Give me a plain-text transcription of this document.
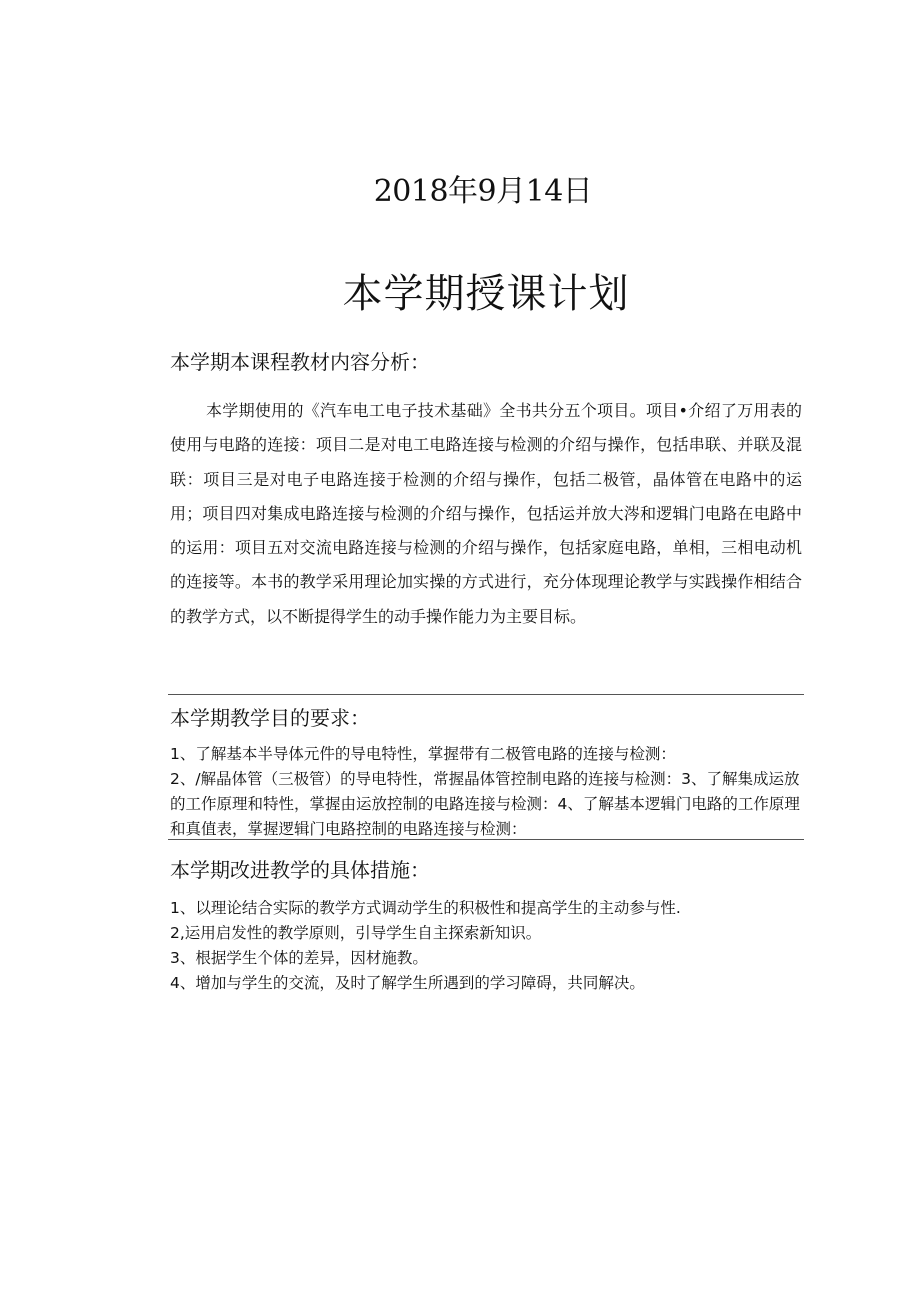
2018年9月14日
本学期授课计划
本学期本课程教材内容分析：

本学期使用的《汽车电工电子技术基础》全书共分五个项目。项目•介绍了万用表的使用与电路的连接：项目二是对电工电路连接与检测的介绍与操作，包括串联、并联及混联：项目三是对电子电路连接于检测的介绍与操作，包括二极管，晶体管在电路中的运用；项目四对集成电路连接与检测的介绍与操作，包括运并放大涔和逻辑门电路在电路中的运用：项目五对交流电路连接与检测的介绍与操作，包括家庭电路，单相，三相电动机的连接等。本书的教学采用理论加实操的方式进行，充分体现理论教学与实践操作相结合的教学方式，以不断提得学生的动手操作能力为主要目标。

本学期教学目的要求：
1、了解基本半导体元件的导电特性，掌握带有二极管电路的连接与检测：
2、/解晶体管（三极管）的导电特性，常握晶体管控制电路的连接与检测：3、了解集成运放的工作原理和特性，掌握由运放控制的电路连接与检测：4、了解基本逻辑门电路的工作原理和真值表，掌握逻辑门电路控制的电路连接与检测：
本学期改进教学的具体措施：
1、以理论结合实际的教学方式调动学生的积极性和提高学生的主动参与性.
2,运用启发性的教学原则，引导学生自主探索新知识。
3、根据学生个体的差异，因材施教。
4、增加与学生的交流，及时了解学生所遇到的学习障碍，共同解决。
